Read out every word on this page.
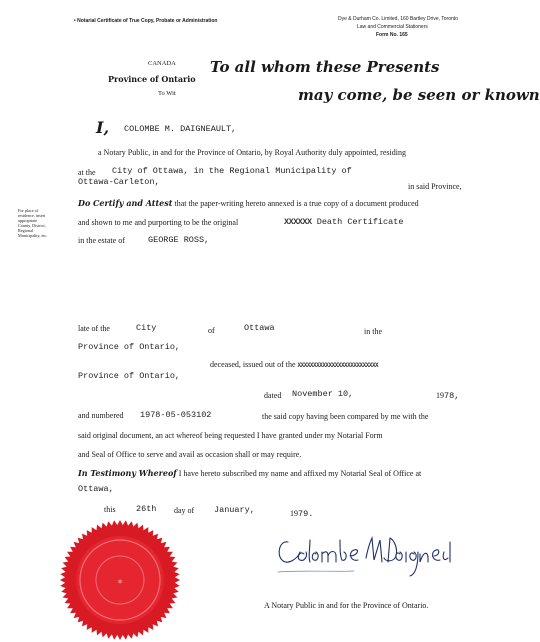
• Notarial Certificate of True Copy, Probate or Administration	Dye & Durham Co. Limited, 160 Bartley Drive, Toronto
Law and Commercial Stationers
Form No. 165
CANADA
Province of Ontario
To Wit
To all whom these Presents
may come, be seen or known
I, COLOMBE M. DAIGNEAULT,
a Notary Public, in and for the Province of Ontario, by Royal Authority duly appointed, residing
at the City of Ottawa, in the Regional Municipality of
Ottawa-Carleton,	in said Province,
Do Certify and Attest that the paper-writing hereto annexed is a true copy of a document produced
and shown to me and purporting to be the original	XXXXXX Death Certificate
in the estate of	GEORGE ROSS,
For place of
residence, insert
appropriate
County, District,
Regional
Municipality, etc.
late of the	City	of	Ottawa	in the
Province of Ontario,
deceased, issued out of the XXXXXXXXXXXXXXXXXXXXXXXXXX
Province of Ontario,
dated November 10,	1978,
and numbered 1978-05-053102	the said copy having been compared by me with the
said original document, an act whereof being requested I have granted under my Notarial Form
and Seal of Office to serve and avail as occasion shall or may require.
In Testimony Whereof I have hereto subscribed my name and affixed my Notarial Seal of Office at
Ottawa,
this 26th day of January,	1979.
✶
A Notary Public in and for the Province of Ontario.
